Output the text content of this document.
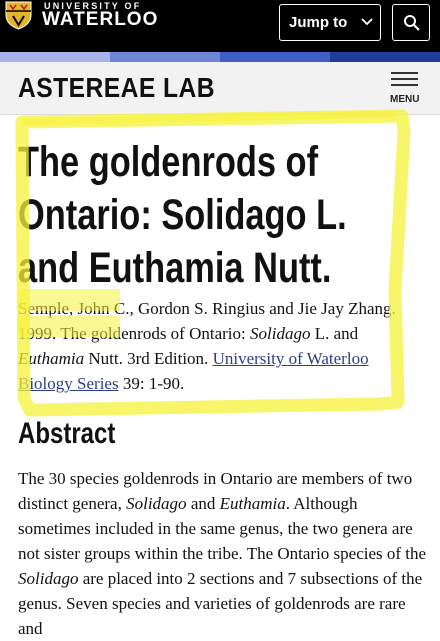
UNIVERSITY OF
WATERLOO	Jump to
ASTEREAE LAB	MENU
The goldenrods of Ontario: Solidago L. and Euthamia Nutt.
Semple, John C., Gordon S. Ringius and Jie Jay Zhang. 1999. The goldenrods of Ontario: Solidago L. and Euthamia Nutt. 3rd Edition. University of Waterloo Biology Series 39: 1-90.
Abstract
The 30 species goldenrods in Ontario are members of two distinct genera, Solidago and Euthamia. Although sometimes included in the same genus, the two genera are not sister groups within the tribe. The Ontario species of the Solidago are placed into 2 sections and 7 subsections of the genus. Seven species and varieties of goldenrods are rare and
